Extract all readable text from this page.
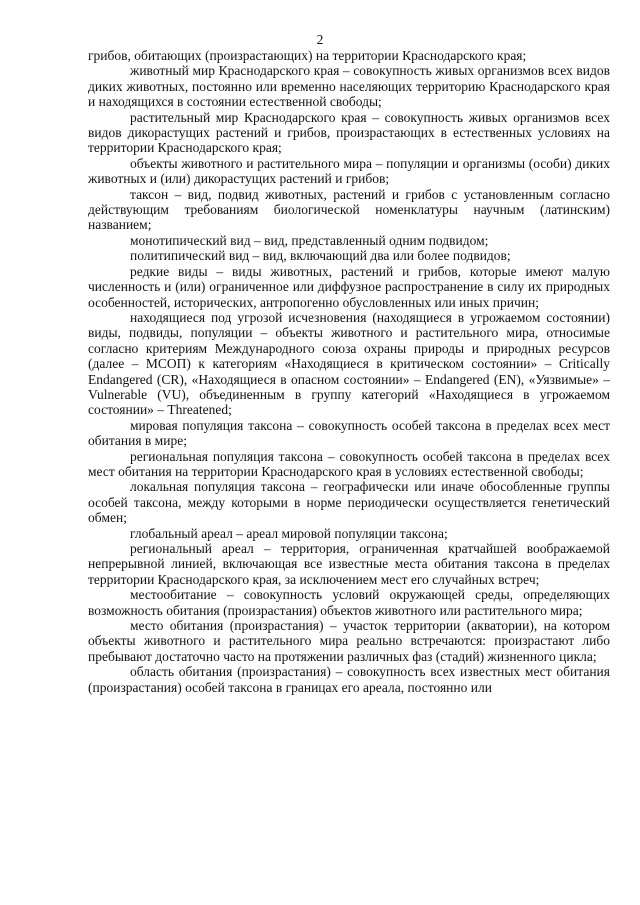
2

грибов, обитающих (произрастающих) на территории Краснодарского края;

животный мир Краснодарского края – совокупность живых организмов всех видов диких животных, постоянно или временно населяющих территорию Краснодарского края и находящихся в состоянии естественной свободы;

растительный мир Краснодарского края – совокупность живых организмов всех видов дикорастущих растений и грибов, произрастающих в естественных условиях на территории Краснодарского края;

объекты животного и растительного мира – популяции и организмы (особи) диких животных и (или) дикорастущих растений и грибов;

таксон – вид, подвид животных, растений и грибов с установленным согласно действующим требованиям биологической номенклатуры научным (латинским) названием;

монотипический вид – вид, представленный одним подвидом;

политипический вид – вид, включающий два или более подвидов;

редкие виды – виды животных, растений и грибов, которые имеют малую численность и (или) ограниченное или диффузное распространение в силу их природных особенностей, исторических, антропогенно обусловленных или иных причин;

находящиеся под угрозой исчезновения (находящиеся в угрожаемом состоянии) виды, подвиды, популяции – объекты животного и растительного мира, относимые согласно критериям Международного союза охраны природы и природных ресурсов (далее – МСОП) к категориям «Находящиеся в критическом состоянии» – Critically Endangered (CR), «Находящиеся в опасном состоянии» – Endangered (EN), «Уязвимые» – Vulnerable (VU), объединенным в группу категорий «Находящиеся в угрожаемом состоянии» – Threatened;

мировая популяция таксона – совокупность особей таксона в пределах всех мест обитания в мире;

региональная популяция таксона – совокупность особей таксона в пределах всех мест обитания на территории Краснодарского края в условиях естественной свободы;

локальная популяция таксона – географически или иначе обособленные группы особей таксона, между которыми в норме периодически осуществляется генетический обмен;

глобальный ареал – ареал мировой популяции таксона;

региональный ареал – территория, ограниченная кратчайшей воображаемой непрерывной линией, включающая все известные места обитания таксона в пределах территории Краснодарского края, за исключением мест его случайных встреч;

местообитание – совокупность условий окружающей среды, определяющих возможность обитания (произрастания) объектов животного или растительного мира;

место обитания (произрастания) – участок территории (акватории), на котором объекты животного и растительного мира реально встречаются: произрастают либо пребывают достаточно часто на протяжении различных фаз (стадий) жизненного цикла;

область обитания (произрастания) – совокупность всех известных мест обитания (произрастания) особей таксона в границах его ареала, постоянно или
